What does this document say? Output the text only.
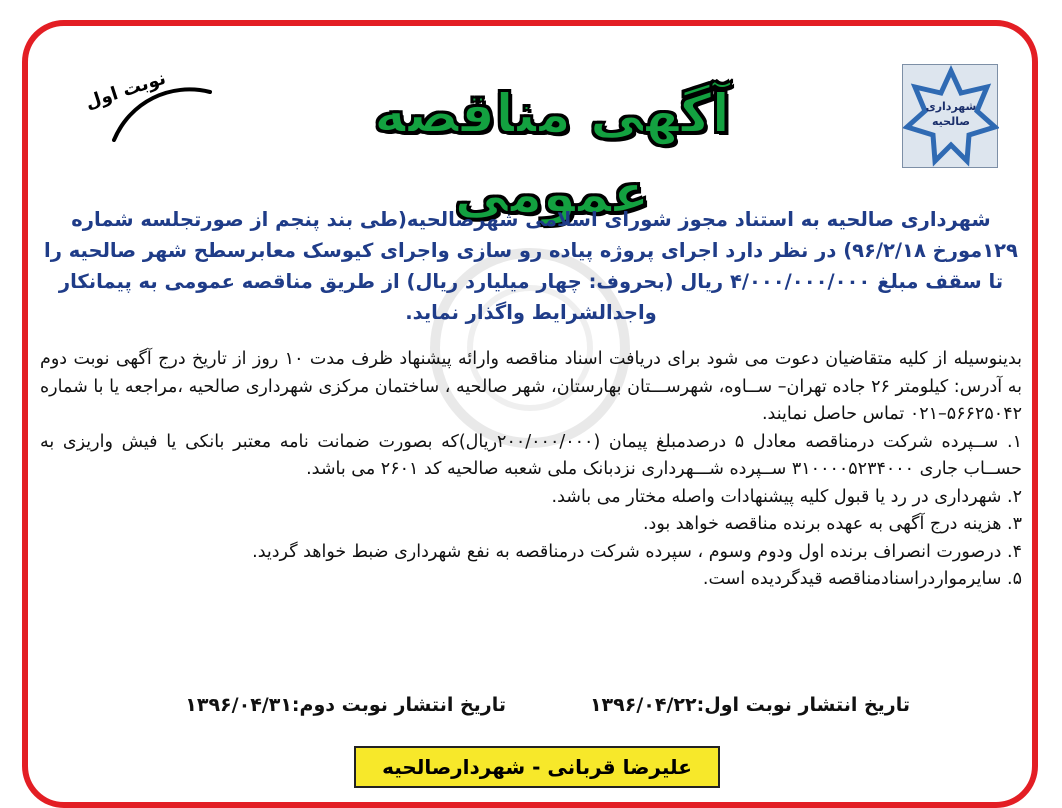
شهرداری
صالحیه
آگهی مناقصه عمومی
نوبت اول
شهرداری صالحیه به استناد مجوز شورای اسلامی شهرصالحیه(طی بند پنجم از صورتجلسه شماره ۱۲۹مورخ ۹۶/۲/۱۸) در نظر دارد اجرای پروژه پیاده رو سازی واجرای کیوسک معابرسطح شهر صالحیه را تا سقف مبلغ ۴/۰۰۰/۰۰۰/۰۰۰ ریال (بحروف: چهار میلیارد ریال) از طریق مناقصه عمومی به پیمانکار واجدالشرایط واگذار نماید.

بدینوسیله از کلیه متقاضیان دعوت می شود برای دریافت اسناد مناقصه وارائه پیشنهاد ظرف مدت ۱۰ روز از تاریخ درج آگهی نوبت دوم به آدرس: کیلومتر ۲۶ جاده تهران– ســاوه، شهرســـتان بهارستان، شهر صالحیه ، ساختمان مرکزی شهرداری صالحیه ،مراجعه یا با شماره ۵۶۶۲۵۰۴۲–۰۲۱ تماس حاصل نمایند.

۱. ســپرده شرکت درمناقصه معادل ۵ درصدمبلغ پیمان (۲۰۰/۰۰۰/۰۰۰ریال)که بصورت ضمانت نامه معتبر بانکی یا فیش واریزی به حســاب جاری ۳۱۰۰۰۰۵۲۳۴۰۰۰ ســپرده شـــهرداری نزدبانک ملی شعبه صالحیه کد ۲۶۰۱ می باشد.
۲. شهرداری در رد یا قبول کلیه پیشنهادات واصله مختار می باشد.
۳. هزینه درج آگهی به عهده برنده مناقصه خواهد بود.
۴. درصورت انصراف برنده اول ودوم وسوم ، سپرده شرکت درمناقصه به نفع شهرداری ضبط خواهد گردید.
۵. سایرمواردراسنادمناقصه قیدگردیده است.
تاریخ انتشار نوبت اول:۱۳۹۶/۰۴/۲۲
تاریخ انتشار نوبت دوم:۱۳۹۶/۰۴/۳۱
علیرضا قربانی - شهردارصالحیه
